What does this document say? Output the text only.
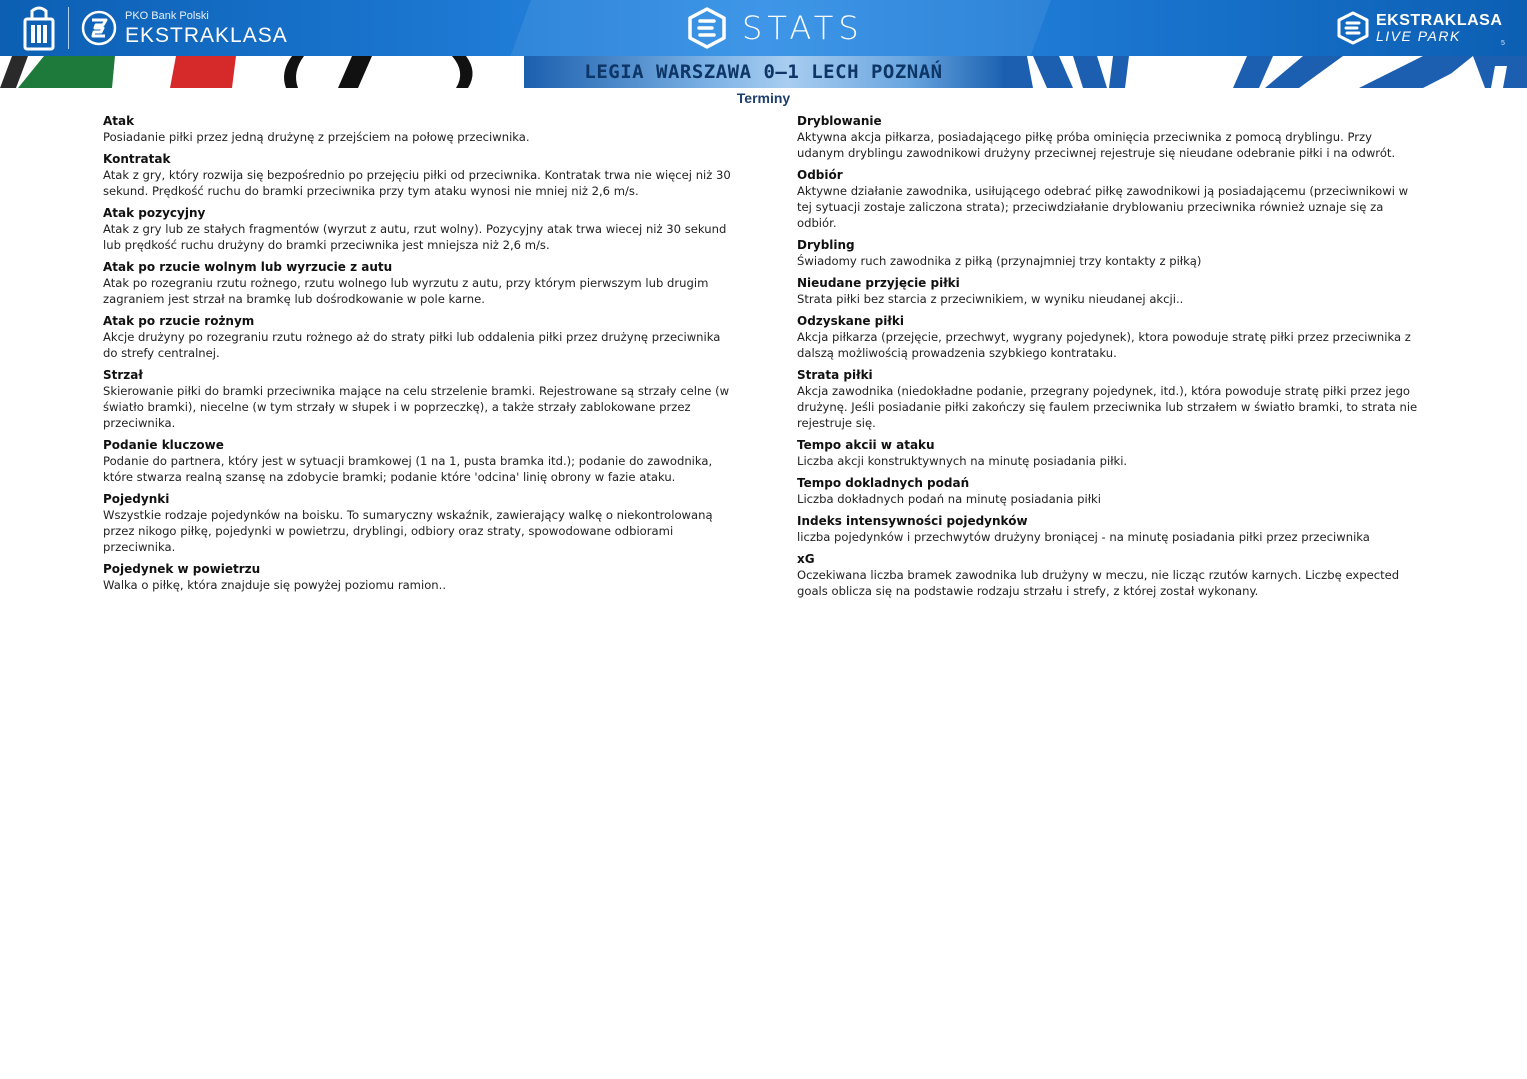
PKO Bank Polski
EKSTRAKLASA	STATS	EKSTRAKLASA
LIVE PARK	5
LEGIA WARSZAWA 0–1 LECH POZNAŃ
Terminy
Atak
Posiadanie piłki przez jedną drużynę z przejściem na połowę przeciwnika.
Kontratak
Atak z gry, który rozwija się bezpośrednio po przejęciu piłki od przeciwnika. Kontratak trwa nie więcej niż 30 sekund. Prędkość ruchu do bramki przeciwnika przy tym ataku wynosi nie mniej niż 2,6 m/s.
Atak pozycyjny
Atak z gry lub ze stałych fragmentów (wyrzut z autu, rzut wolny). Pozycyjny atak trwa wiecej niż 30 sekund lub prędkość ruchu drużyny do bramki przeciwnika jest mniejsza niż 2,6 m/s.
Atak po rzucie wolnym lub wyrzucie z autu
Atak po rozegraniu rzutu rożnego, rzutu wolnego lub wyrzutu z autu, przy którym pierwszym lub drugim zagraniem jest strzał na bramkę lub dośrodkowanie w pole karne.
Atak po rzucie rożnym
Akcje drużyny po rozegraniu rzutu rożnego aż do straty piłki lub oddalenia piłki przez drużynę przeciwnika do strefy centralnej.
Strzał
Skierowanie piłki do bramki przeciwnika mające na celu strzelenie bramki. Rejestrowane są strzały celne (w światło bramki), niecelne (w tym strzały w słupek i w poprzeczkę), a także strzały zablokowane przez przeciwnika.
Podanie kluczowe
Podanie do partnera, który jest w sytuacji bramkowej (1 na 1, pusta bramka itd.); podanie do zawodnika, które stwarza realną szansę na zdobycie bramki; podanie które 'odcina' linię obrony w fazie ataku.
Pojedynki
Wszystkie rodzaje pojedynków na boisku. To sumaryczny wskaźnik, zawierający walkę o niekontrolowaną przez nikogo piłkę, pojedynki w powietrzu, dryblingi, odbiory oraz straty, spowodowane odbiorami przeciwnika.
Pojedynek w powietrzu
Walka o piłkę, która znajduje się powyżej poziomu ramion..
Dryblowanie
Aktywna akcja piłkarza, posiadającego piłkę próba ominięcia przeciwnika z pomocą dryblingu. Przy udanym dryblingu zawodnikowi drużyny przeciwnej rejestruje się nieudane odebranie piłki i na odwrót.
Odbiór
Aktywne działanie zawodnika, usiłującego odebrać piłkę zawodnikowi ją posiadającemu (przeciwnikowi w tej sytuacji zostaje zaliczona strata); przeciwdziałanie dryblowaniu przeciwnika również uznaje się za odbiór.
Drybling
Świadomy ruch zawodnika z piłką (przynajmniej trzy kontakty z piłką)
Nieudane przyjęcie piłki
Strata piłki bez starcia z przeciwnikiem, w wyniku nieudanej akcji..
Odzyskane piłki
Akcja piłkarza (przejęcie, przechwyt, wygrany pojedynek), ktora powoduje stratę piłki przez przeciwnika z dalszą możliwością prowadzenia szybkiego kontrataku.
Strata piłki
Akcja zawodnika (niedokładne podanie, przegrany pojedynek, itd.), która powoduje stratę piłki przez jego drużynę. Jeśli posiadanie piłki zakończy się faulem przeciwnika lub strzałem w światło bramki, to strata nie rejestruje się.
Tempo akcii w ataku
Liczba akcji konstruktywnych na minutę posiadania piłki.
Tempo dokladnych podań
Liczba dokładnych podań na minutę posiadania piłki
Indeks intensywności pojedynków
liczba pojedynków i przechwytów drużyny broniącej - na minutę posiadania piłki przez przeciwnika
xG
Oczekiwana liczba bramek zawodnika lub drużyny w meczu, nie licząc rzutów karnych. Liczbę expected goals oblicza się na podstawie rodzaju strzału i strefy, z której został wykonany.
